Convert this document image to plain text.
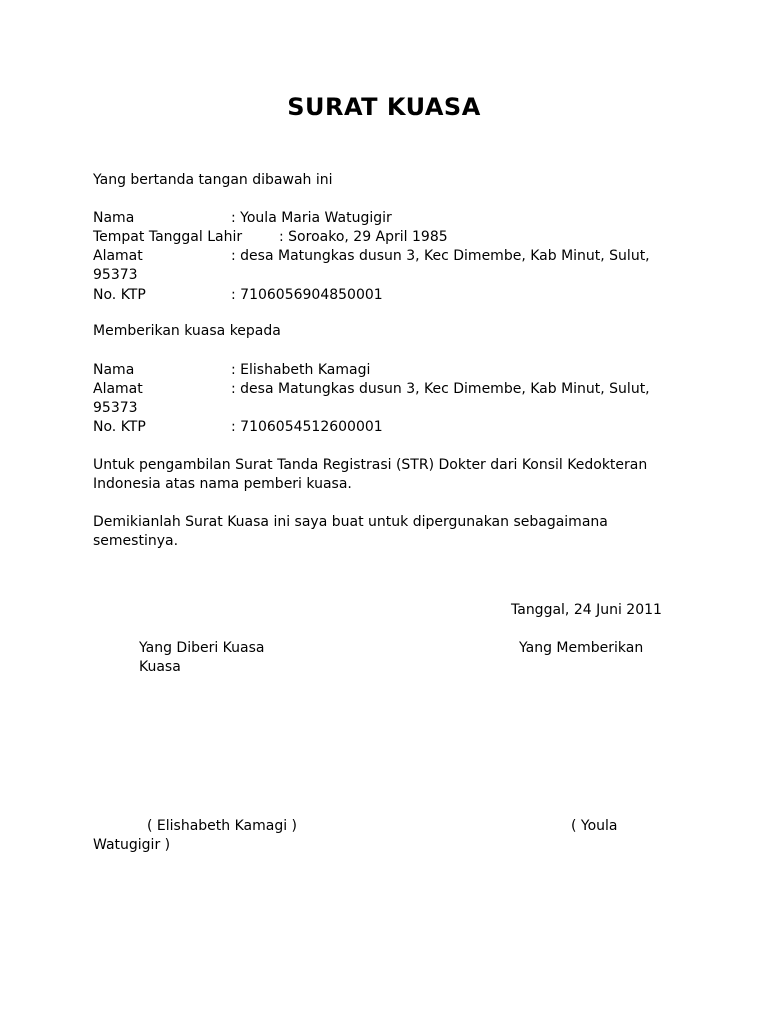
SURAT KUASA
Yang bertanda tangan dibawah ini
Nama	: Youla Maria Watugigir
Tempat Tanggal Lahir	: Soroako, 29 April 1985
Alamat	: desa Matungkas dusun 3, Kec Dimembe, Kab Minut, Sulut,
95373
No. KTP	: 7106056904850001
Memberikan kuasa kepada
Nama	: Elishabeth Kamagi
Alamat	: desa Matungkas dusun 3, Kec Dimembe, Kab Minut, Sulut,
95373
No. KTP	: 7106054512600001
Untuk pengambilan Surat Tanda Registrasi (STR) Dokter dari Konsil Kedokteran
Indonesia atas nama pemberi kuasa.
Demikianlah Surat Kuasa ini saya buat untuk dipergunakan sebagaimana
semestinya.
Tanggal, 24 Juni 2011
Yang Diberi Kuasa	Yang Memberikan
Kuasa
( Elishabeth Kamagi )	( Youla
Watugigir )
